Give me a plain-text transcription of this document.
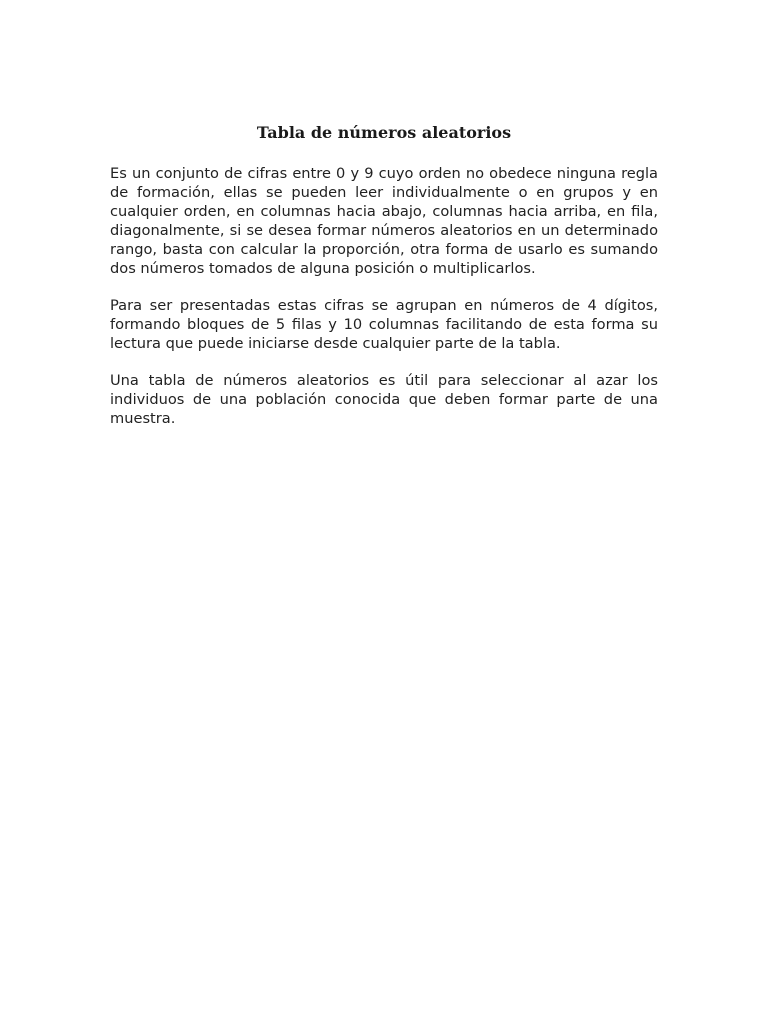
Tabla de números aleatorios

Es un conjunto de cifras entre 0 y 9 cuyo orden no obedece ninguna regla de formación, ellas se pueden leer individualmente o en grupos y en cualquier orden, en columnas hacia abajo, columnas hacia arriba, en fila, diagonalmente, si se desea formar números aleatorios en un determinado rango, basta con calcular la proporción, otra forma de usarlo es sumando dos números tomados de alguna posición o multiplicarlos.

Para ser presentadas estas cifras se agrupan en números de 4 dígitos, formando bloques de 5 filas y 10 columnas facilitando de esta forma su lectura que puede iniciarse desde cualquier parte de la tabla.

Una tabla de números aleatorios es útil para seleccionar al azar los individuos de una población conocida que deben formar parte de una muestra.
